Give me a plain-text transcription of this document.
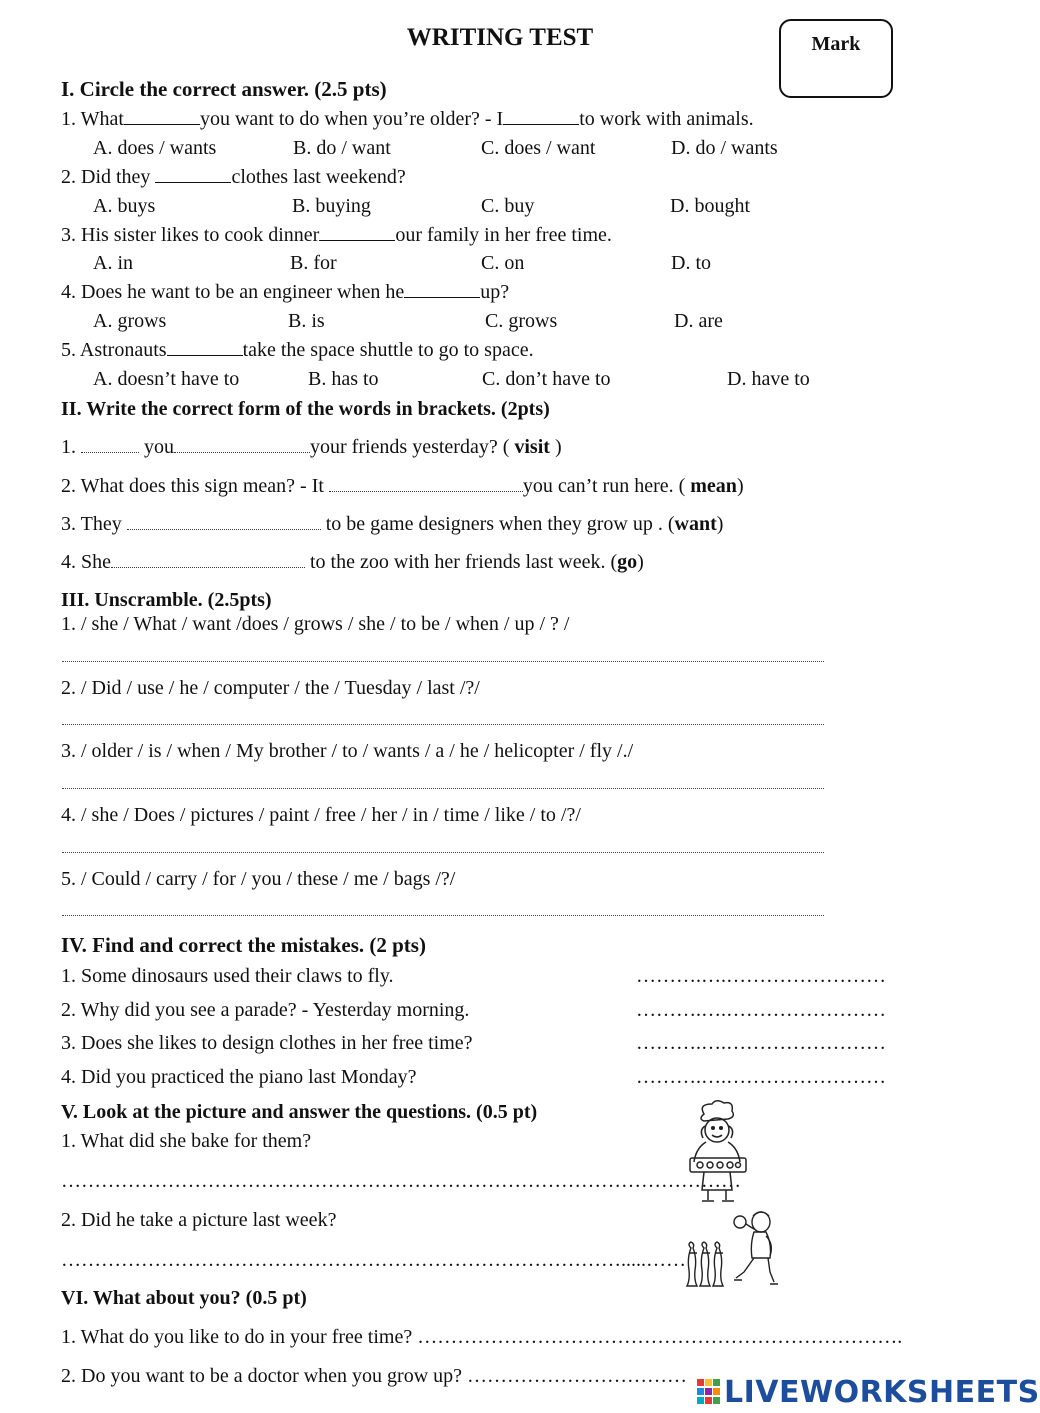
WRITING TEST	Mark
I. Circle the correct answer. (2.5 pts)
1. What	you want to do when you’re older? - I	to work with animals.
A. does / wants	B. do / want	C. does / want	D. do / wants
2. Did they	clothes last weekend?
A. buys	B. buying	C. buy	D. bought
3. His sister likes to cook dinner	our family in her free time.
A. in	B. for	C. on	D. to
4. Does he want to be an engineer when he	up?
A. grows	B. is	C. grows	D. are
5. Astronauts	take the space shuttle to go to space.
A. doesn’t have to	B. has to	C. don’t have to	D. have to
II. Write the correct form of the words in brackets. (2pts)
1.	you	your friends yesterday? ( visit )
2. What does this sign mean? - It	you can’t run here. ( mean)
3. They	to be game designers when they grow up . (want)
4. She	to the zoo with her friends last week. (go)
III. Unscramble. (2.5pts)
1. / she / What / want /does / grows / she / to be / when / up / ? /
2. / Did / use / he / computer / the / Tuesday / last /?/
3. / older / is / when / My brother / to / wants / a / he / helicopter / fly /./
4. / she / Does / pictures / paint / free / her / in / time / like / to /?/
5. / Could / carry / for / you / these / me / bags /?/
IV. Find and correct the mistakes. (2 pts)
1. Some dinosaurs used their claws to fly.	……….….……………………
2. Why did you see a parade? - Yesterday morning.	……….….……………………
3. Does she likes to design clothes in her free time?	……….….……………………
4. Did you practiced the piano last Monday?	……….….……………………
V. Look at the picture and answer the questions. (0.5 pt)
1. What did she bake for them?
…………………………………………………………………………………………
2. Did he take a picture last week?
………………………………………………………………………….....……
VI. What about you? (0.5 pt)
1. What do you like to do in your free time? ……………………………………………………………….
2. Do you want to be a doctor when you grow up? …………………………… LIVEWORKSHEETS
